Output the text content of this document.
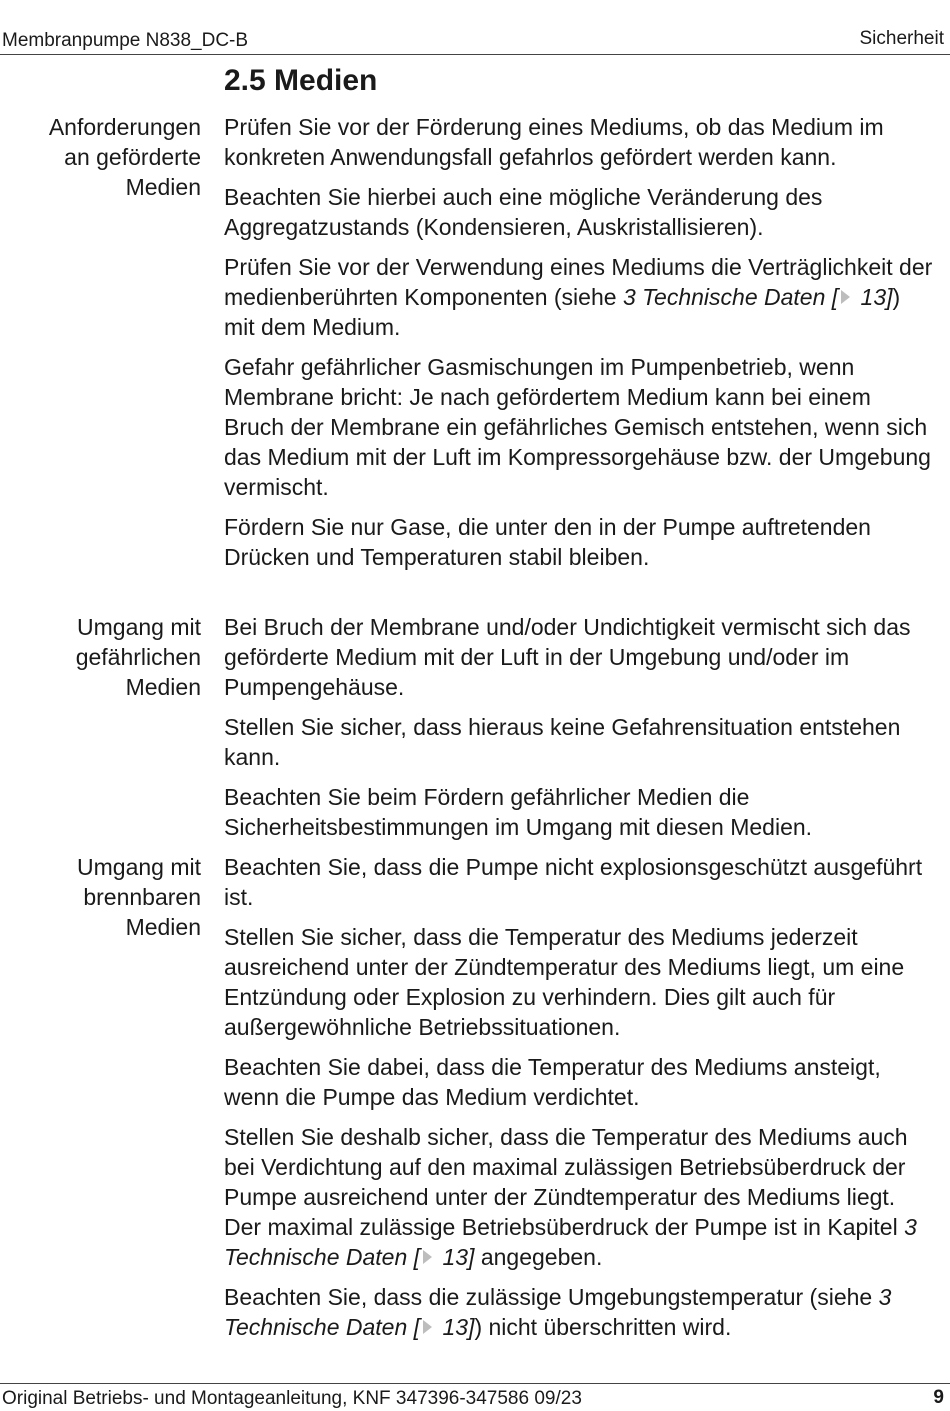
Membranpumpe N838_DC-B	Sicherheit
2.5 Medien
Anforderungen
an geförderte
Medien
Umgang mit
gefährlichen
Medien
Umgang mit
brennbaren
Medien

Prüfen Sie vor der Förderung eines Mediums, ob das Medium im konkreten Anwendungsfall gefahrlos gefördert werden kann.

Beachten Sie hierbei auch eine mögliche Veränderung des Aggregatzustands (Kondensieren, Auskristallisieren).

Prüfen Sie vor der Verwendung eines Mediums die Verträglichkeit der medienberührten Komponenten (siehe 3 Technische Daten [ 13]) mit dem Medium.

Gefahr gefährlicher Gasmischungen im Pumpenbetrieb, wenn Membrane bricht: Je nach gefördertem Medium kann bei einem Bruch der Membrane ein gefährliches Gemisch entstehen, wenn sich das Medium mit der Luft im Kompressorgehäuse bzw. der Umgebung vermischt.

Fördern Sie nur Gase, die unter den in der Pumpe auftretenden Drücken und Temperaturen stabil bleiben.

Bei Bruch der Membrane und/oder Undichtigkeit vermischt sich das geförderte Medium mit der Luft in der Umgebung und/oder im Pumpengehäuse.

Stellen Sie sicher, dass hieraus keine Gefahrensituation entstehen kann.

Beachten Sie beim Fördern gefährlicher Medien die Sicherheitsbestimmungen im Umgang mit diesen Medien.

Beachten Sie, dass die Pumpe nicht explosionsgeschützt ausgeführt ist.

Stellen Sie sicher, dass die Temperatur des Mediums jederzeit ausreichend unter der Zündtemperatur des Mediums liegt, um eine Entzündung oder Explosion zu verhindern. Dies gilt auch für außergewöhnliche Betriebssituationen.

Beachten Sie dabei, dass die Temperatur des Mediums ansteigt, wenn die Pumpe das Medium verdichtet.

Stellen Sie deshalb sicher, dass die Temperatur des Mediums auch bei Verdichtung auf den maximal zulässigen Betriebsüberdruck der Pumpe ausreichend unter der Zündtemperatur des Mediums liegt. Der maximal zulässige Betriebsüberdruck der Pumpe ist in Kapitel 3 Technische Daten [ 13] angegeben.

Beachten Sie, dass die zulässige Umgebungstemperatur (siehe 3 Technische Daten [ 13]) nicht überschritten wird.

Original Betriebs- und Montageanleitung, KNF 347396-347586 09/23	9
